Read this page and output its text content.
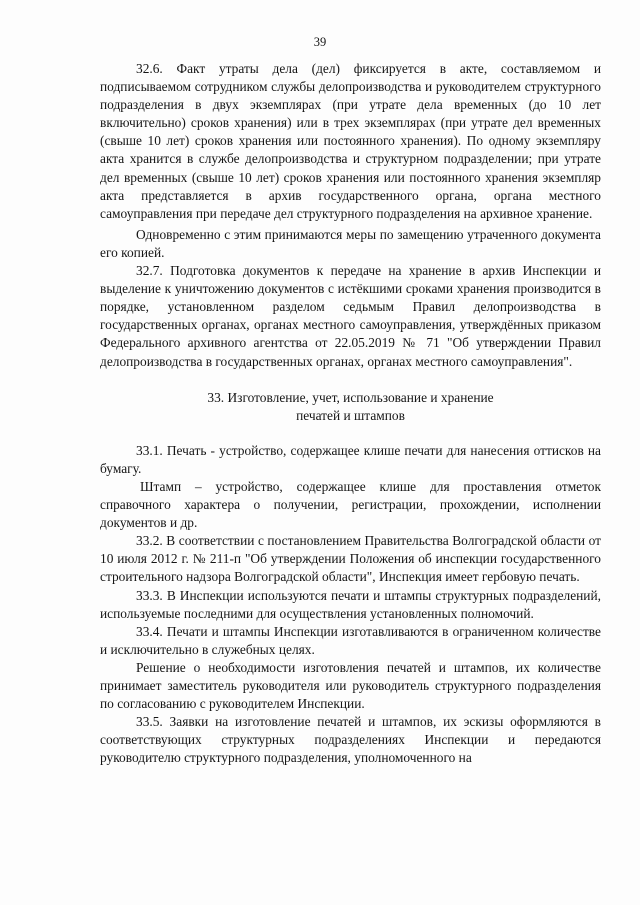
39

32.6. Факт утраты дела (дел) фиксируется в акте, составляемом и подписываемом сотрудником службы делопроизводства и руководителем структурного подразделения в двух экземплярах (при утрате дела временных (до 10 лет включительно) сроков хранения) или в трех экземплярах (при утрате дел временных (свыше 10 лет) сроков хранения или постоянного хранения). По одному экземпляру акта хранится в службе делопроизводства и структурном подразделении; при утрате дел временных (свыше 10 лет) сроков хранения или постоянного хранения экземпляр акта представляется в архив государственного органа, органа местного самоуправления при передаче дел структурного подразделения на архивное хранение.

Одновременно с этим принимаются меры по замещению утраченного документа его копией.

32.7. Подготовка документов к передаче на хранение в архив Инспекции и выделение к уничтожению документов с истёкшими сроками хранения производится в порядке, установленном разделом седьмым Правил делопроизводства в государственных органах, органах местного самоуправления, утверждённых приказом Федерального архивного агентства от 22.05.2019 № 71 "Об утверждении Правил делопроизводства в государственных органах, органах местного самоуправления".

33. Изготовление, учет, использование и хранение
печатей и штампов

33.1. Печать - устройство, содержащее клише печати для нанесения оттисков на бумагу.

Штамп – устройство, содержащее клише для проставления отметок справочного характера о получении, регистрации, прохождении, исполнении документов и др.

33.2. В соответствии с постановлением Правительства Волгоградской области от 10 июля 2012 г. № 211-п "Об утверждении Положения об инспекции государственного строительного надзора Волгоградской области", Инспекция имеет гербовую печать.

33.3. В Инспекции используются печати и штампы структурных подразделений, используемые последними для осуществления установленных полномочий.

33.4. Печати и штампы Инспекции изготавливаются в ограниченном количестве и исключительно в служебных целях.

Решение о необходимости изготовления печатей и штампов, их количестве принимает заместитель руководителя или руководитель структурного подразделения по согласованию с руководителем Инспекции.

33.5. Заявки на изготовление печатей и штампов, их эскизы оформляются в соответствующих структурных подразделениях Инспекции и передаются руководителю структурного подразделения, уполномоченного на
